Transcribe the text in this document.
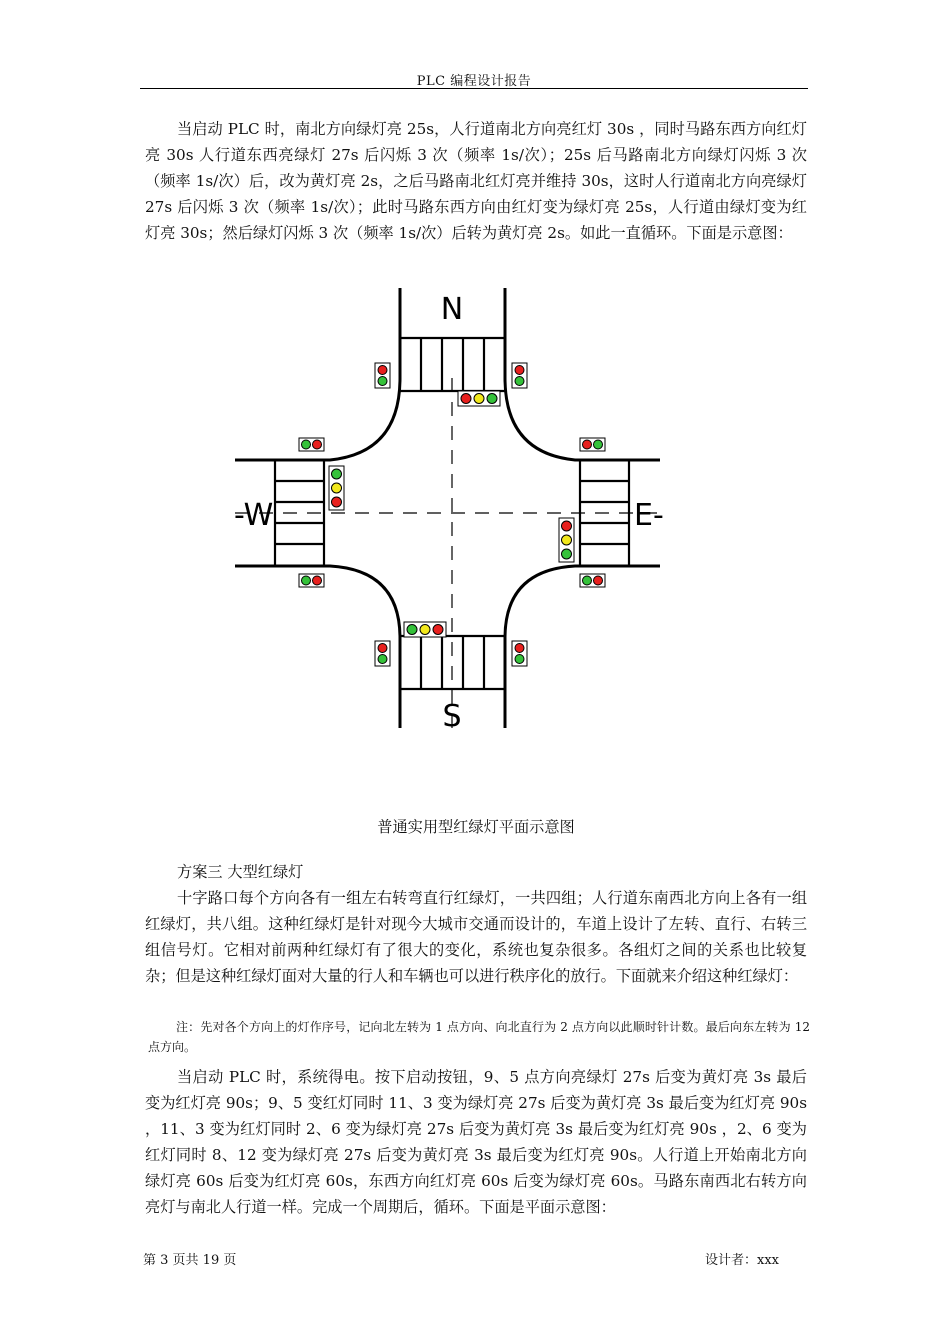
PLC 编程设计报告

当启动 PLC 时，南北方向绿灯亮 25s，人行道南北方向亮红灯 30s ，同时马路东西方向红灯亮 30s 人行道东西亮绿灯 27s 后闪烁 3 次（频率 1s/次）；25s 后马路南北方向绿灯闪烁 3 次（频率 1s/次）后，改为黄灯亮 2s，之后马路南北红灯亮并维持 30s，这时人行道南北方向亮绿灯 27s 后闪烁 3 次（频率 1s/次）；此时马路东西方向由红灯变为绿灯亮 25s，人行道由绿灯变为红灯亮 30s；然后绿灯闪烁 3 次（频率 1s/次）后转为黄灯亮 2s。如此一直循环。下面是示意图：

N
S
-W	E-

普通实用型红绿灯平面示意图

方案三 大型红绿灯

十字路口每个方向各有一组左右转弯直行红绿灯，一共四组；人行道东南西北方向上各有一组红绿灯，共八组。这种红绿灯是针对现今大城市交通而设计的，车道上设计了左转、直行、右转三组信号灯。它相对前两种红绿灯有了很大的变化，系统也复杂很多。各组灯之间的关系也比较复杂；但是这种红绿灯面对大量的行人和车辆也可以进行秩序化的放行。下面就来介绍这种红绿灯：

注：先对各个方向上的灯作序号，记向北左转为 1 点方向、向北直行为 2 点方向以此顺时针计数。最后向东左转为 12 点方向。

当启动 PLC 时，系统得电。按下启动按钮，9、5 点方向亮绿灯 27s 后变为黄灯亮 3s 最后变为红灯亮 90s；9、5 变红灯同时 11、3 变为绿灯亮 27s 后变为黄灯亮 3s 最后变为红灯亮 90s ，11、3 变为红灯同时 2、6 变为绿灯亮 27s 后变为黄灯亮 3s 最后变为红灯亮 90s ，2、6 变为红灯同时 8、12 变为绿灯亮 27s 后变为黄灯亮 3s 最后变为红灯亮 90s。人行道上开始南北方向绿灯亮 60s 后变为红灯亮 60s，东西方向红灯亮 60s 后变为绿灯亮 60s。马路东南西北右转方向亮灯与南北人行道一样。完成一个周期后，循环。下面是平面示意图：

第 3 页共 19 页	设计者：xxx
